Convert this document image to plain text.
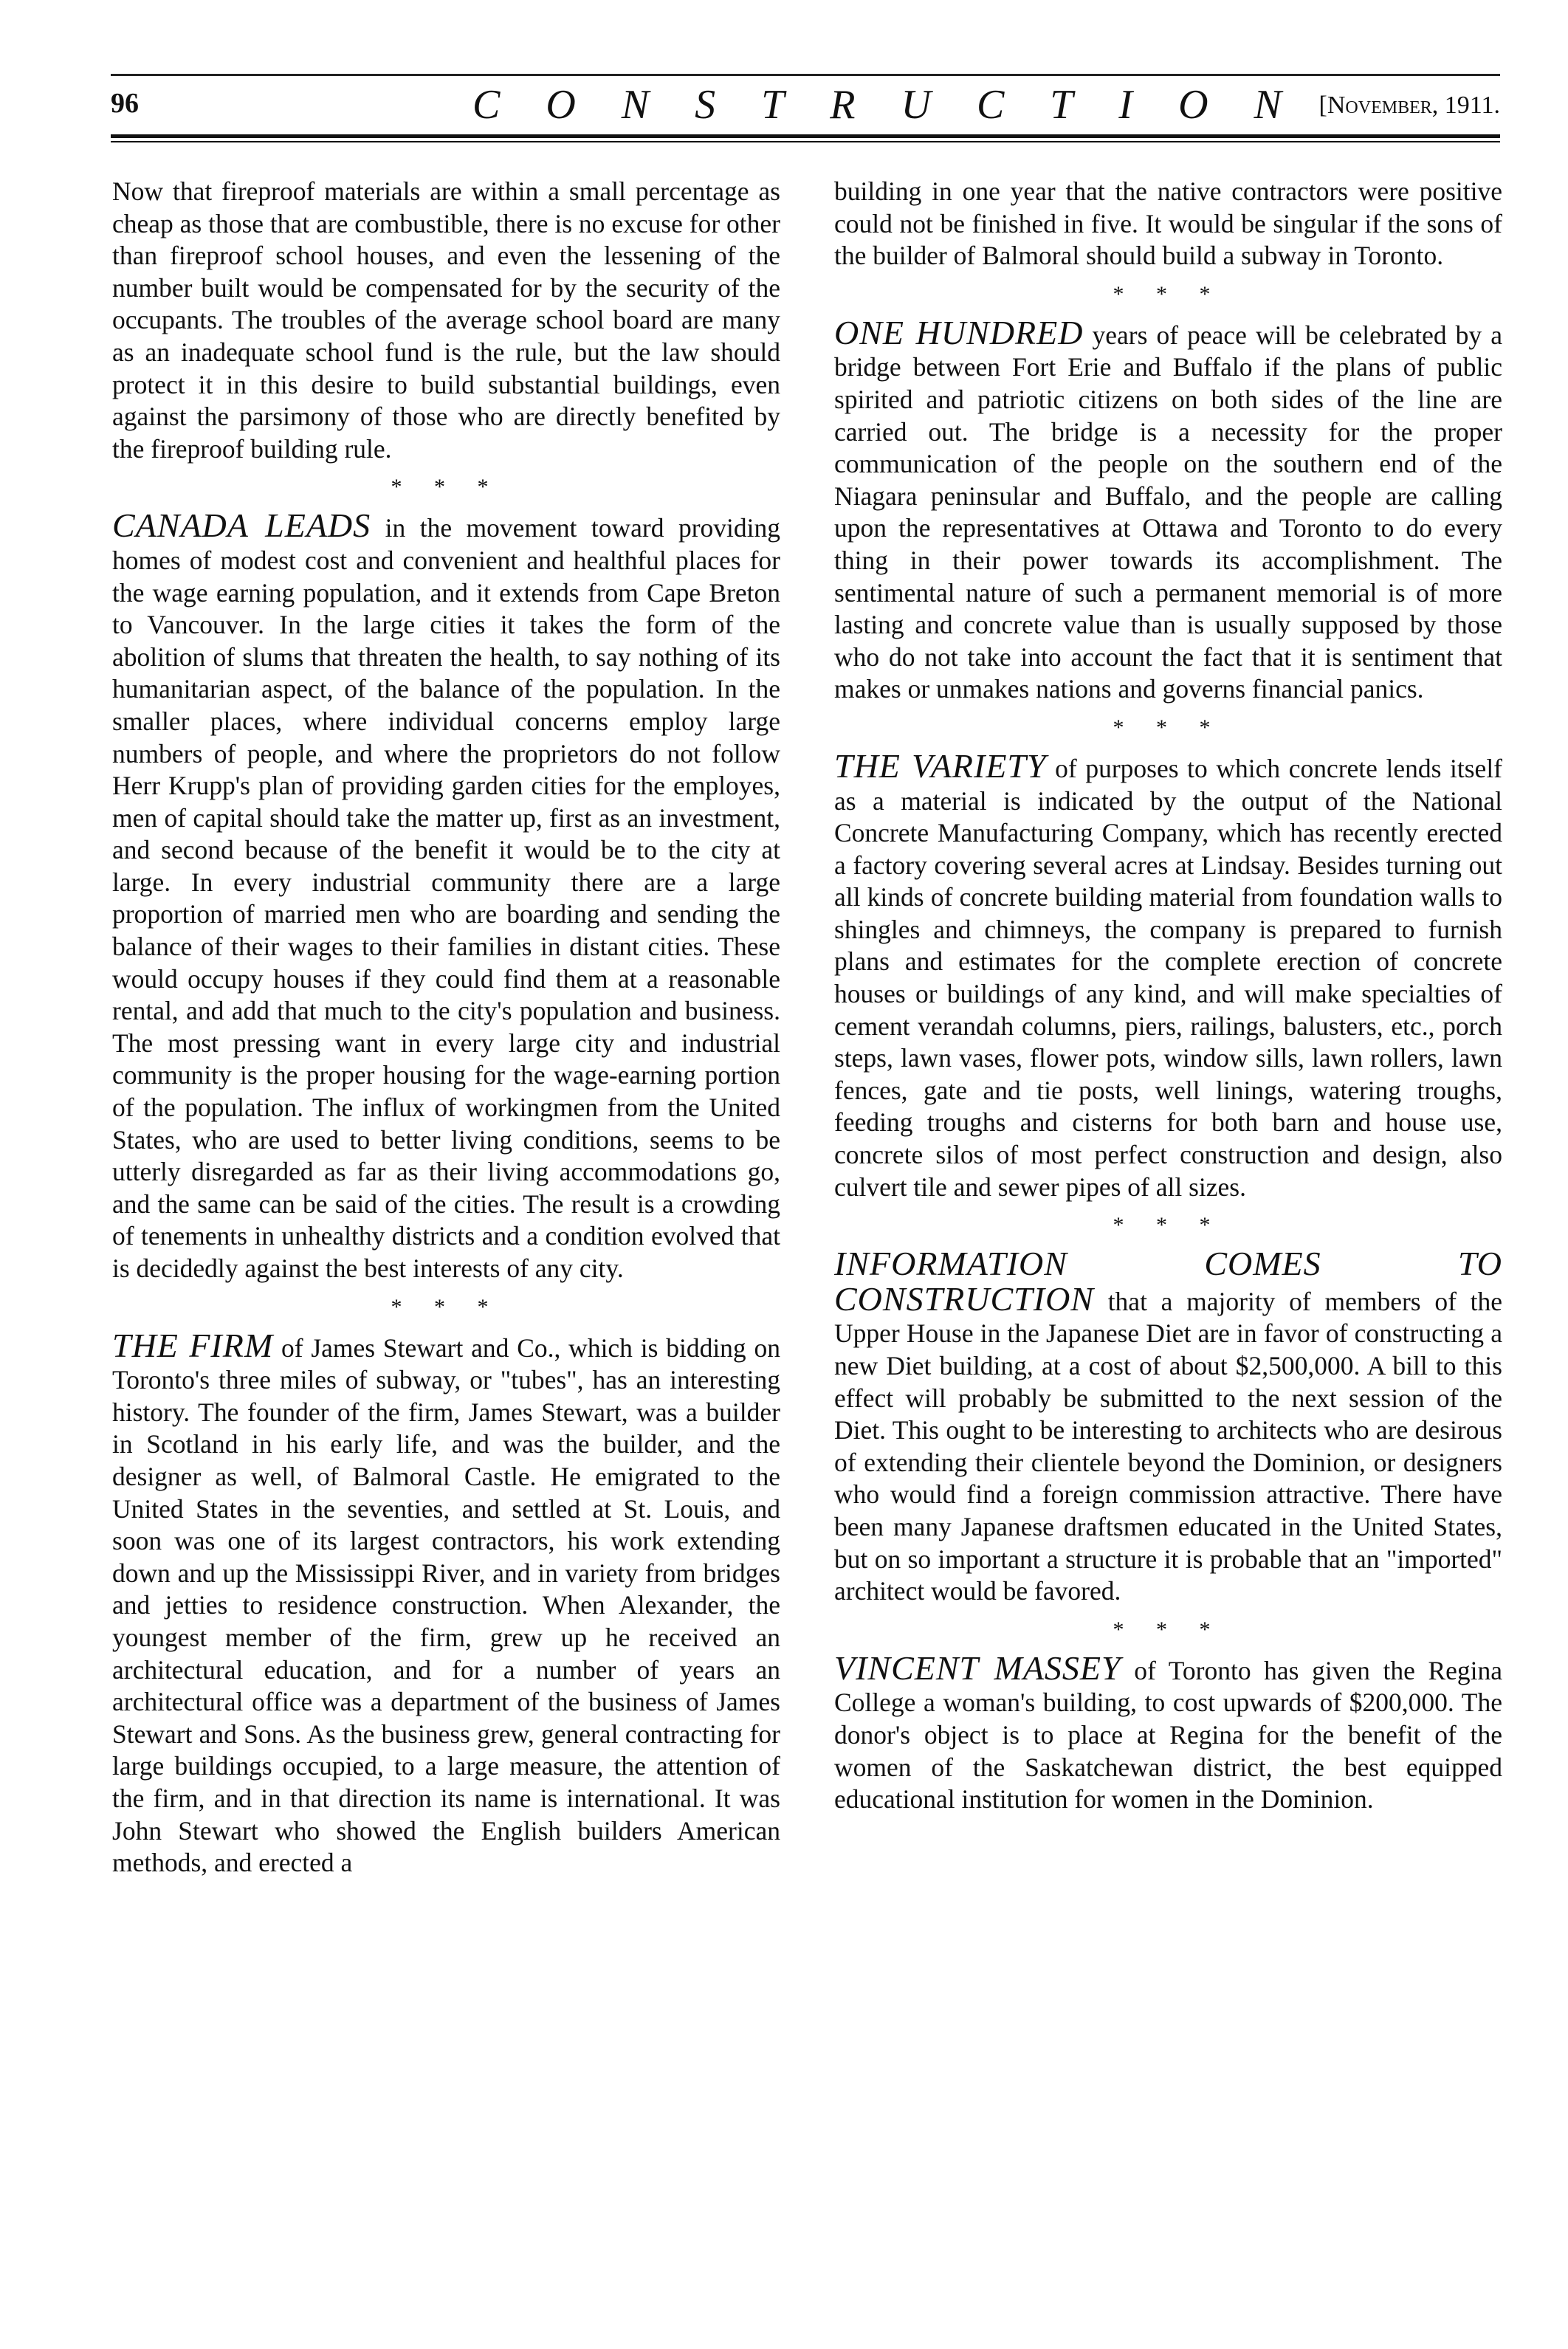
96	CONSTRUCTION
[November, 1911.

Now that fireproof materials are within a small percentage as cheap as those that are combustible, there is no excuse for other than fireproof school houses, and even the lessening of the number built would be compensated for by the security of the occupants. The troubles of the average school board are many as an inadequate school fund is the rule, but the law should protect it in this desire to build substantial buildings, even against the parsimony of those who are directly benefited by the fireproof building rule.

* * *

CANADA LEADS in the movement toward providing homes of modest cost and convenient and healthful places for the wage earning population, and it extends from Cape Breton to Vancouver. In the large cities it takes the form of the abolition of slums that threaten the health, to say nothing of its humanitarian aspect, of the balance of the population. In the smaller places, where individual concerns employ large numbers of people, and where the proprietors do not follow Herr Krupp's plan of providing garden cities for the employes, men of capital should take the matter up, first as an investment, and second because of the benefit it would be to the city at large. In every industrial community there are a large proportion of married men who are boarding and sending the balance of their wages to their families in distant cities. These would occupy houses if they could find them at a reasonable rental, and add that much to the city's population and business. The most pressing want in every large city and industrial community is the proper housing for the wage-earning portion of the population. The influx of workingmen from the United States, who are used to better living conditions, seems to be utterly disregarded as far as their living accommodations go, and the same can be said of the cities. The result is a crowding of tenements in unhealthy districts and a condition evolved that is decidedly against the best interests of any city.

* * *

THE FIRM of James Stewart and Co., which is bidding on Toronto's three miles of subway, or "tubes", has an interesting history. The founder of the firm, James Stewart, was a builder in Scotland in his early life, and was the builder, and the designer as well, of Balmoral Castle. He emigrated to the United States in the seventies, and settled at St. Louis, and soon was one of its largest contractors, his work extending down and up the Mississippi River, and in variety from bridges and jetties to residence construction. When Alexander, the youngest member of the firm, grew up he received an architectural education, and for a number of years an architectural office was a department of the business of James Stewart and Sons. As the business grew, general contracting for large buildings occupied, to a large measure, the attention of the firm, and in that direction its name is international. It was John Stewart who showed the English builders American methods, and erected a

building in one year that the native contractors were positive could not be finished in five. It would be singular if the sons of the builder of Balmoral should build a subway in Toronto.

* * *

ONE HUNDRED years of peace will be celebrated by a bridge between Fort Erie and Buffalo if the plans of public spirited and patriotic citizens on both sides of the line are carried out. The bridge is a necessity for the proper communication of the people on the southern end of the Niagara peninsular and Buffalo, and the people are calling upon the representatives at Ottawa and Toronto to do every thing in their power towards its accomplishment. The sentimental nature of such a permanent memorial is of more lasting and concrete value than is usually supposed by those who do not take into account the fact that it is sentiment that makes or unmakes nations and governs financial panics.

* * *

THE VARIETY of purposes to which concrete lends itself as a material is indicated by the output of the National Concrete Manufacturing Company, which has recently erected a factory covering several acres at Lindsay. Besides turning out all kinds of concrete building material from foundation walls to shingles and chimneys, the company is prepared to furnish plans and estimates for the complete erection of concrete houses or buildings of any kind, and will make specialties of cement verandah columns, piers, railings, balusters, etc., porch steps, lawn vases, flower pots, window sills, lawn rollers, lawn fences, gate and tie posts, well linings, watering troughs, feeding troughs and cisterns for both barn and house use, concrete silos of most perfect construction and design, also culvert tile and sewer pipes of all sizes.

* * *

INFORMATION COMES TO CONSTRUCTION that a majority of members of the Upper House in the Japanese Diet are in favor of constructing a new Diet building, at a cost of about $2,500,000. A bill to this effect will probably be submitted to the next session of the Diet. This ought to be interesting to architects who are desirous of extending their clientele beyond the Dominion, or designers who would find a foreign commission attractive. There have been many Japanese draftsmen educated in the United States, but on so important a structure it is probable that an "imported" architect would be favored.

* * *

VINCENT MASSEY of Toronto has given the Regina College a woman's building, to cost upwards of $200,000. The donor's object is to place at Regina for the benefit of the women of the Saskatchewan district, the best equipped educational institution for women in the Dominion.
